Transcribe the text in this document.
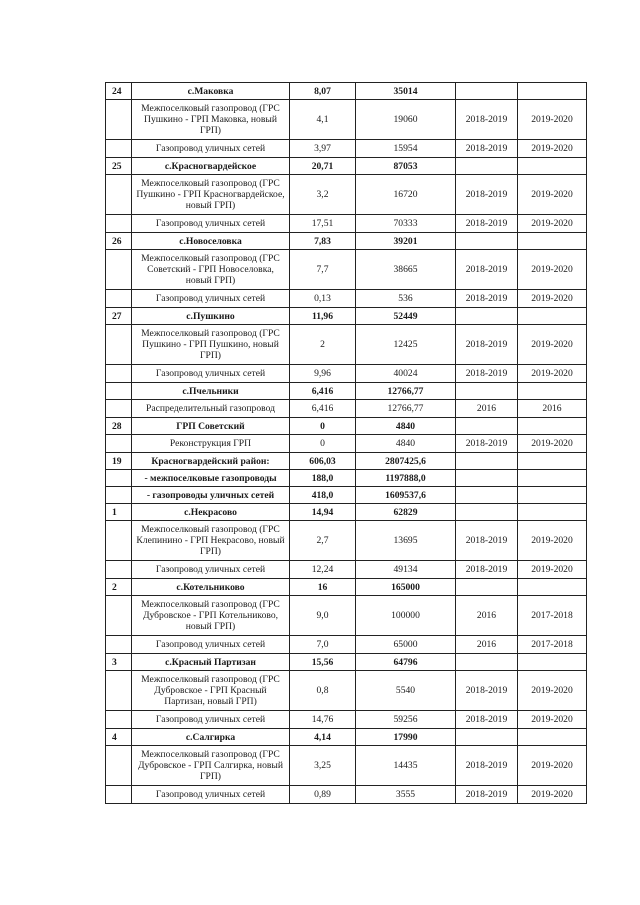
24	с.Маковка	8,07	35014		
	Межпоселковый газопровод (ГРС Пушкино - ГРП Маковка, новый ГРП)	4,1	19060	2018-2019	2019-2020
	Газопровод уличных сетей	3,97	15954	2018-2019	2019-2020
25	с.Красногвардейское	20,71	87053		
	Межпоселковый газопровод (ГРС Пушкино - ГРП Красногвардейское, новый ГРП)	3,2	16720	2018-2019	2019-2020
	Газопровод уличных сетей	17,51	70333	2018-2019	2019-2020
26	с.Новоселовка	7,83	39201		
	Межпоселковый газопровод (ГРС Советский - ГРП Новоселовка, новый ГРП)	7,7	38665	2018-2019	2019-2020
	Газопровод уличных сетей	0,13	536	2018-2019	2019-2020
27	с.Пушкино	11,96	52449		
	Межпоселковый газопровод (ГРС Пушкино - ГРП Пушкино, новый ГРП)	2	12425	2018-2019	2019-2020
	Газопровод уличных сетей	9,96	40024	2018-2019	2019-2020
	с.Пчельники	6,416	12766,77		
	Распределительный газопровод	6,416	12766,77	2016	2016
28	ГРП Советский	0	4840		
	Реконструкция ГРП	0	4840	2018-2019	2019-2020
19	Красногвардейский район:	606,03	2807425,6		
	- межпоселковые газопроводы	188,0	1197888,0		
	- газопроводы уличных сетей	418,0	1609537,6		
1	с.Некрасово	14,94	62829		
	Межпоселковый газопровод (ГРС Клепинино - ГРП Некрасово, новый ГРП)	2,7	13695	2018-2019	2019-2020
	Газопровод уличных сетей	12,24	49134	2018-2019	2019-2020
2	с.Котельниково	16	165000		
	Межпоселковый газопровод (ГРС Дубровское - ГРП Котельниково, новый ГРП)	9,0	100000	2016	2017-2018
	Газопровод уличных сетей	7,0	65000	2016	2017-2018
3	с.Красный Партизан	15,56	64796		
	Межпоселковый газопровод (ГРС Дубровское - ГРП Красный Партизан, новый ГРП)	0,8	5540	2018-2019	2019-2020
	Газопровод уличных сетей	14,76	59256	2018-2019	2019-2020
4	с.Салгирка	4,14	17990		
	Межпоселковый газопровод (ГРС Дубровское - ГРП Салгирка, новый ГРП)	3,25	14435	2018-2019	2019-2020
	Газопровод уличных сетей	0,89	3555	2018-2019	2019-2020
